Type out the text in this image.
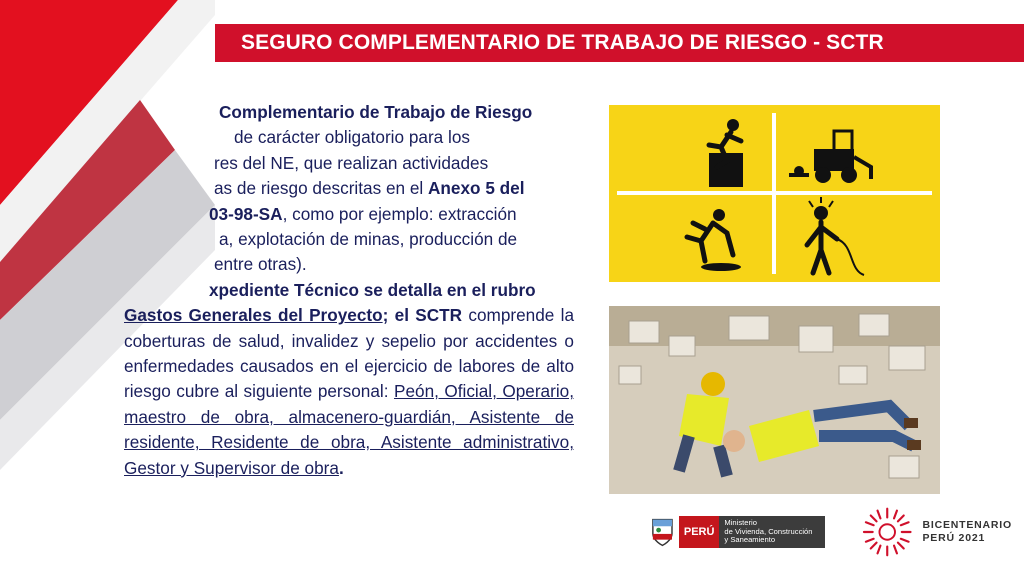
SEGURO COMPLEMENTARIO DE TRABAJO DE RIESGO - SCTR

Complementario de Trabajo de Riesgo

de carácter obligatorio para los

res del NE, que realizan actividades

as de riesgo descritas en el Anexo 5 del

03-98-SA, como por ejemplo: extracción

a, explotación de minas, producción de

entre otras).

xpediente Técnico se detalla en el rubro

Gastos Generales del Proyecto; el SCTR comprende la coberturas de salud, invalidez y sepelio por accidentes o enfermedades causados en el ejercicio de labores de alto riesgo cubre al siguiente personal: Peón, Oficial, Operario, maestro de obra, almacenero-guardián, Asistente de residente, Residente de obra, Asistente administrativo, Gestor y Supervisor de obra.

PERÚ
Ministerio
de Vivienda, Construcción
y Saneamiento
BICENTENARIO
PERÚ 2021
